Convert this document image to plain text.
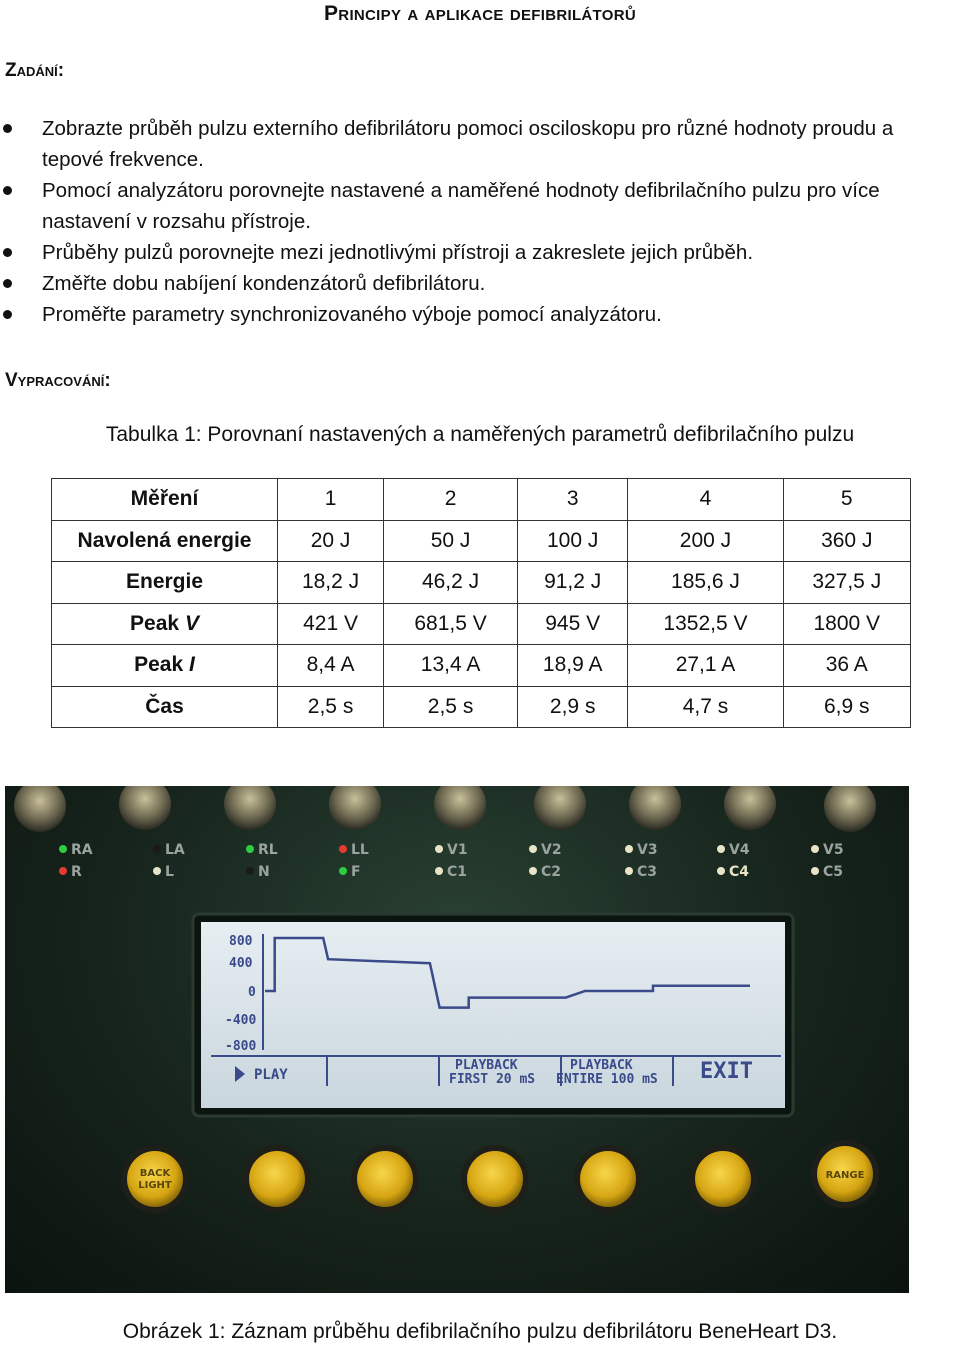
Principy a aplikace defibrilátorů
Zadání:
Zobrazte průběh pulzu externího defibrilátoru pomoci osciloskopu pro různé hodnoty proudu a tepové frekvence.
Pomocí analyzátoru porovnejte nastavené a naměřené hodnoty defibrilačního pulzu pro více nastavení v rozsahu přístroje.
Průběhy pulzů porovnejte mezi jednotlivými přístroji a zakreslete jejich průběh.
Změřte dobu nabíjení kondenzátorů defibrilátoru.
Proměřte parametry synchronizovaného výboje pomocí analyzátoru.
Vypracování:
Tabulka 1: Porovnaní nastavených a naměřených parametrů defibrilačního pulzu
Měření	1	2	3	4	5
Navolená energie	20 J	50 J	100 J	200 J	360 J
Energie	18,2 J	46,2 J	91,2 J	185,6 J	327,5 J
Peak V	421 V	681,5 V	945 V	1352,5 V	1800 V
Peak I	8,4 A	13,4 A	18,9 A	27,1 A	36 A
Čas	2,5 s	2,5 s	2,9 s	4,7 s	6,9 s
RA
R
LA
L
RL
N
LL
F
V1
C1
V2
C2
V3
C3
V4
C4
V5
C5
800
400
0
-400
-800
PLAY
PLAYBACK
FIRST 20 mS
PLAYBACK
ENTIRE 100 mS EXIT
BACK
LIGHT
RANGE
Obrázek 1: Záznam průběhu defibrilačního pulzu defibrilátoru BeneHeart D3.
